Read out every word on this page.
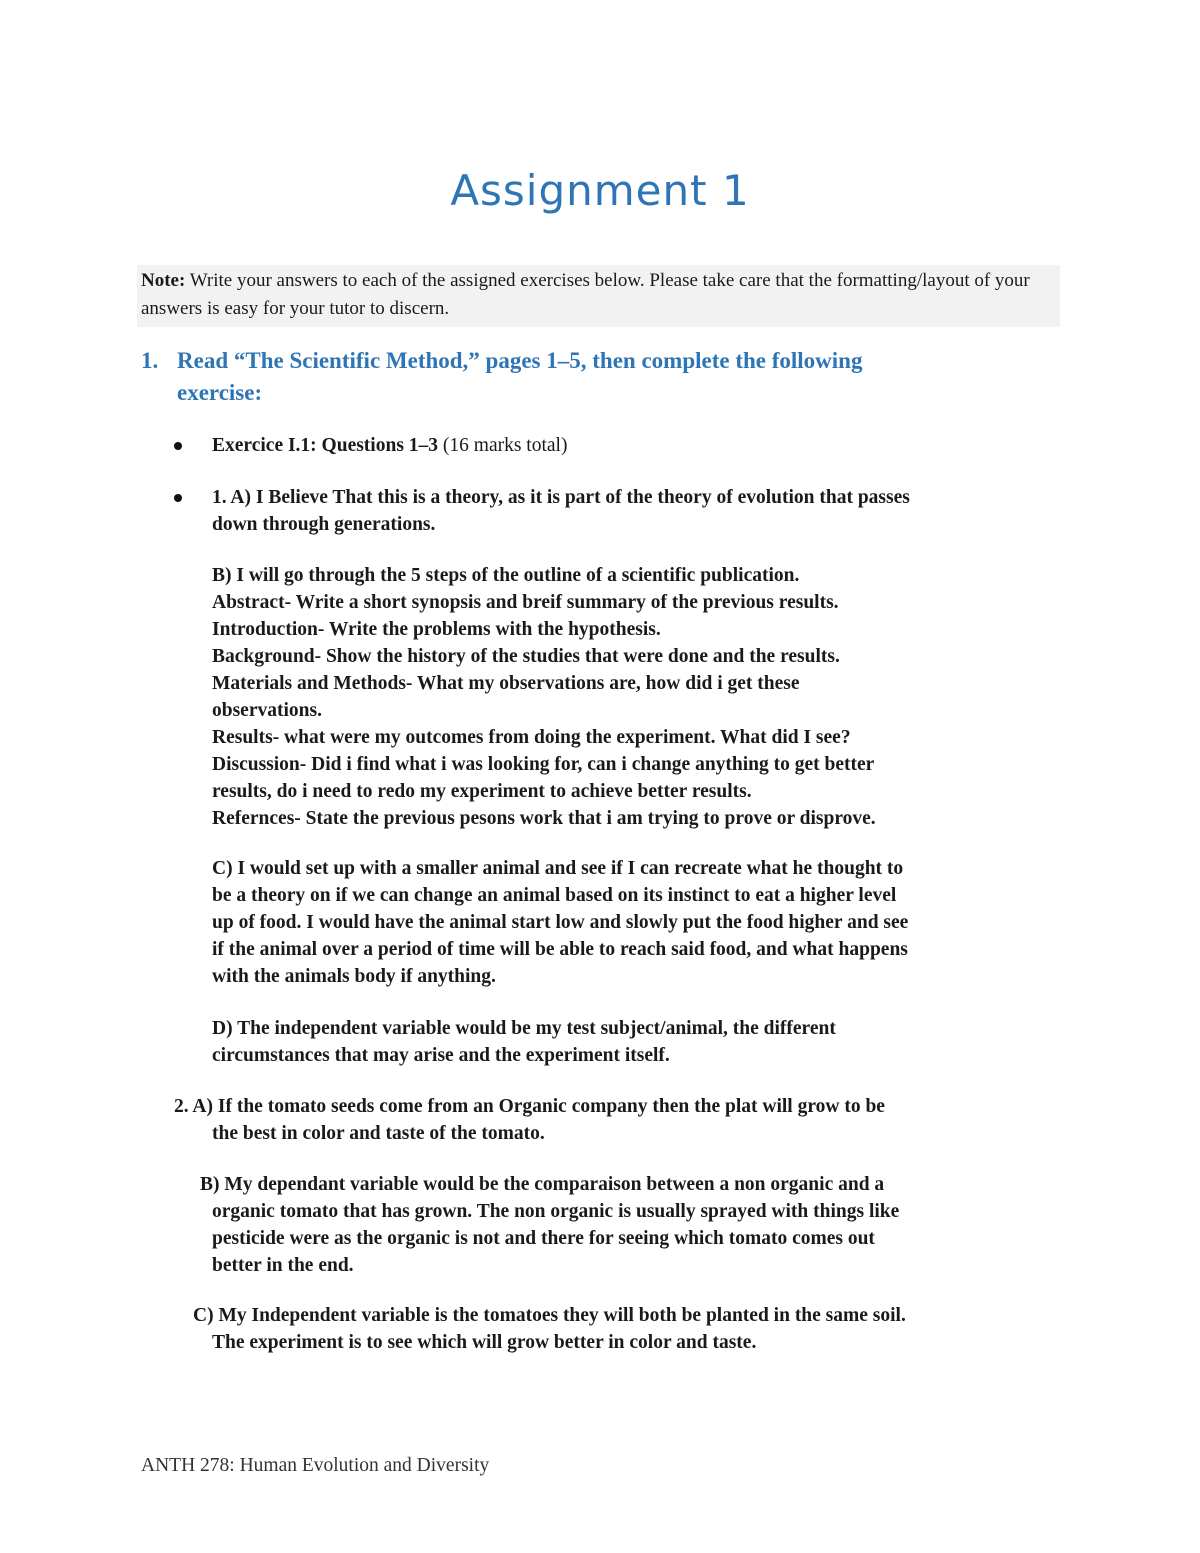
Assignment 1
Note: Write your answers to each of the assigned exercises below. Please take care that the formatting/layout of your answers is easy for your tutor to discern.
1. Read “The Scientific Method,” pages 1–5, then complete the following
exercise:
Exercice I.1: Questions 1–3 (16 marks total)
1. A) I Believe That this is a theory, as it is part of the theory of evolution that passes
down through generations.
B) I will go through the 5 steps of the outline of a scientific publication.
Abstract- Write a short synopsis and breif summary of the previous results.
Introduction- Write the problems with the hypothesis.
Background- Show the history of the studies that were done and the results.
Materials and Methods- What my observations are, how did i get these
observations.
Results- what were my outcomes from doing the experiment. What did I see?
Discussion- Did i find what i was looking for, can i change anything to get better
results, do i need to redo my experiment to achieve better results.
Refernces- State the previous pesons work that i am trying to prove or disprove.
C) I would set up with a smaller animal and see if I can recreate what he thought to
be a theory on if we can change an animal based on its instinct to eat a higher level
up of food. I would have the animal start low and slowly put the food higher and see
if the animal over a period of time will be able to reach said food, and what happens
with the animals body if anything.
D) The independent variable would be my test subject/animal, the different
circumstances that may arise and the experiment itself.
2. A) If the tomato seeds come from an Organic company then the plat will grow to be
the best in color and taste of the tomato.
B) My dependant variable would be the comparaison between a non organic and a
organic tomato that has grown. The non organic is usually sprayed with things like
pesticide were as the organic is not and there for seeing which tomato comes out
better in the end.
C) My Independent variable is the tomatoes they will both be planted in the same soil.
The experiment is to see which will grow better in color and taste.
ANTH 278: Human Evolution and Diversity
